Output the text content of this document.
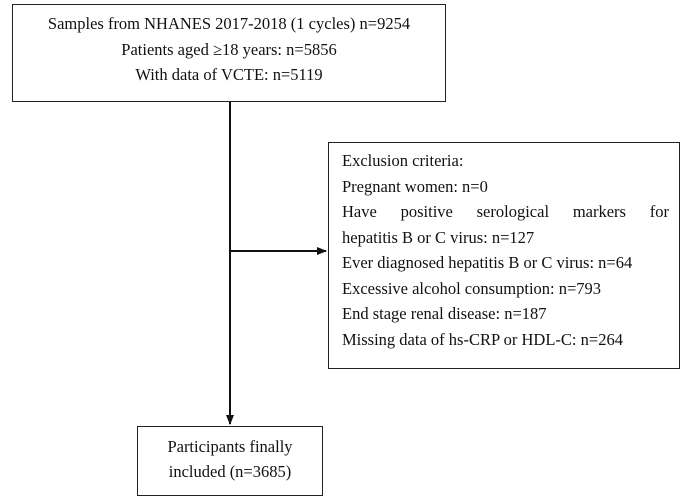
Samples from NHANES 2017-2018 (1 cycles) n=9254
Patients aged ≥18 years: n=5856
With data of VCTE: n=5119
Exclusion criteria:
Pregnant women: n=0
Have positive serological markers for
hepatitis B or C virus: n=127
Ever diagnosed hepatitis B or C virus: n=64
Excessive alcohol consumption: n=793
End stage renal disease: n=187
Missing data of hs-CRP or HDL-C: n=264
Participants finally
included (n=3685)
